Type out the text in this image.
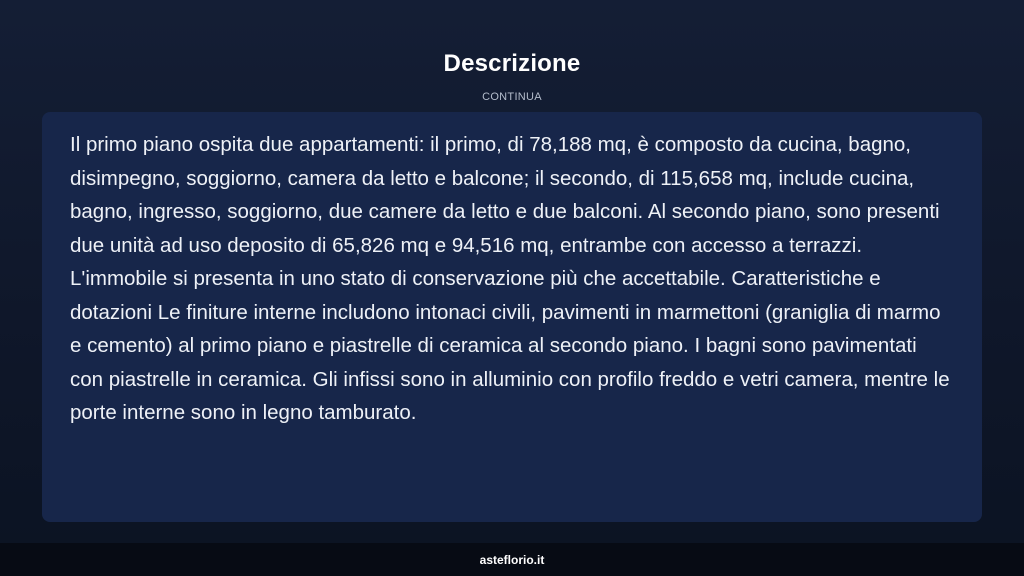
Descrizione
CONTINUA

Il primo piano ospita due appartamenti: il primo, di 78,188 mq, è composto da cucina, bagno, disimpegno, soggiorno, camera da letto e balcone; il secondo, di 115,658 mq, include cucina, bagno, ingresso, soggiorno, due camere da letto e due balconi. Al secondo piano, sono presenti due unità ad uso deposito di 65,826 mq e 94,516 mq, entrambe con accesso a terrazzi. L'immobile si presenta in uno stato di conservazione più che accettabile. Caratteristiche e dotazioni Le finiture interne includono intonaci civili, pavimenti in marmettoni (graniglia di marmo e cemento) al primo piano e piastrelle di ceramica al secondo piano. I bagni sono pavimentati con piastrelle in ceramica. Gli infissi sono in alluminio con profilo freddo e vetri camera, mentre le porte interne sono in legno tamburato.

asteflorio.it
